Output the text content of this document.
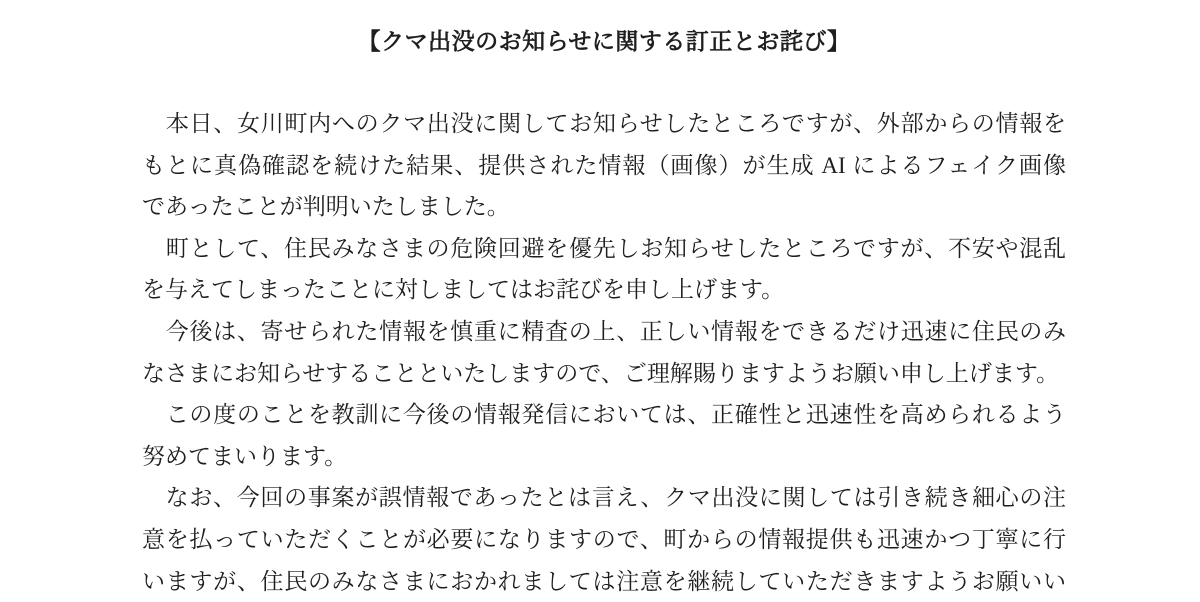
【クマ出没のお知らせに関する訂正とお詫び】
　本日、女川町内へのクマ出没に関してお知らせしたところですが、外部からの情報を
もとに真偽確認を続けた結果、提供された情報（画像）が生成 AI によるフェイク画像
であったことが判明いたしました。
　町として、住民みなさまの危険回避を優先しお知らせしたところですが、不安や混乱
を与えてしまったことに対しましてはお詫びを申し上げます。
　今後は、寄せられた情報を慎重に精査の上、正しい情報をできるだけ迅速に住民のみ
なさまにお知らせすることといたしますので、ご理解賜りますようお願い申し上げます。
　この度のことを教訓に今後の情報発信においては、正確性と迅速性を高められるよう
努めてまいります。
　なお、今回の事案が誤情報であったとは言え、クマ出没に関しては引き続き細心の注
意を払っていただくことが必要になりますので、町からの情報提供も迅速かつ丁寧に行
いますが、住民のみなさまにおかれましては注意を継続していただきますようお願いい
